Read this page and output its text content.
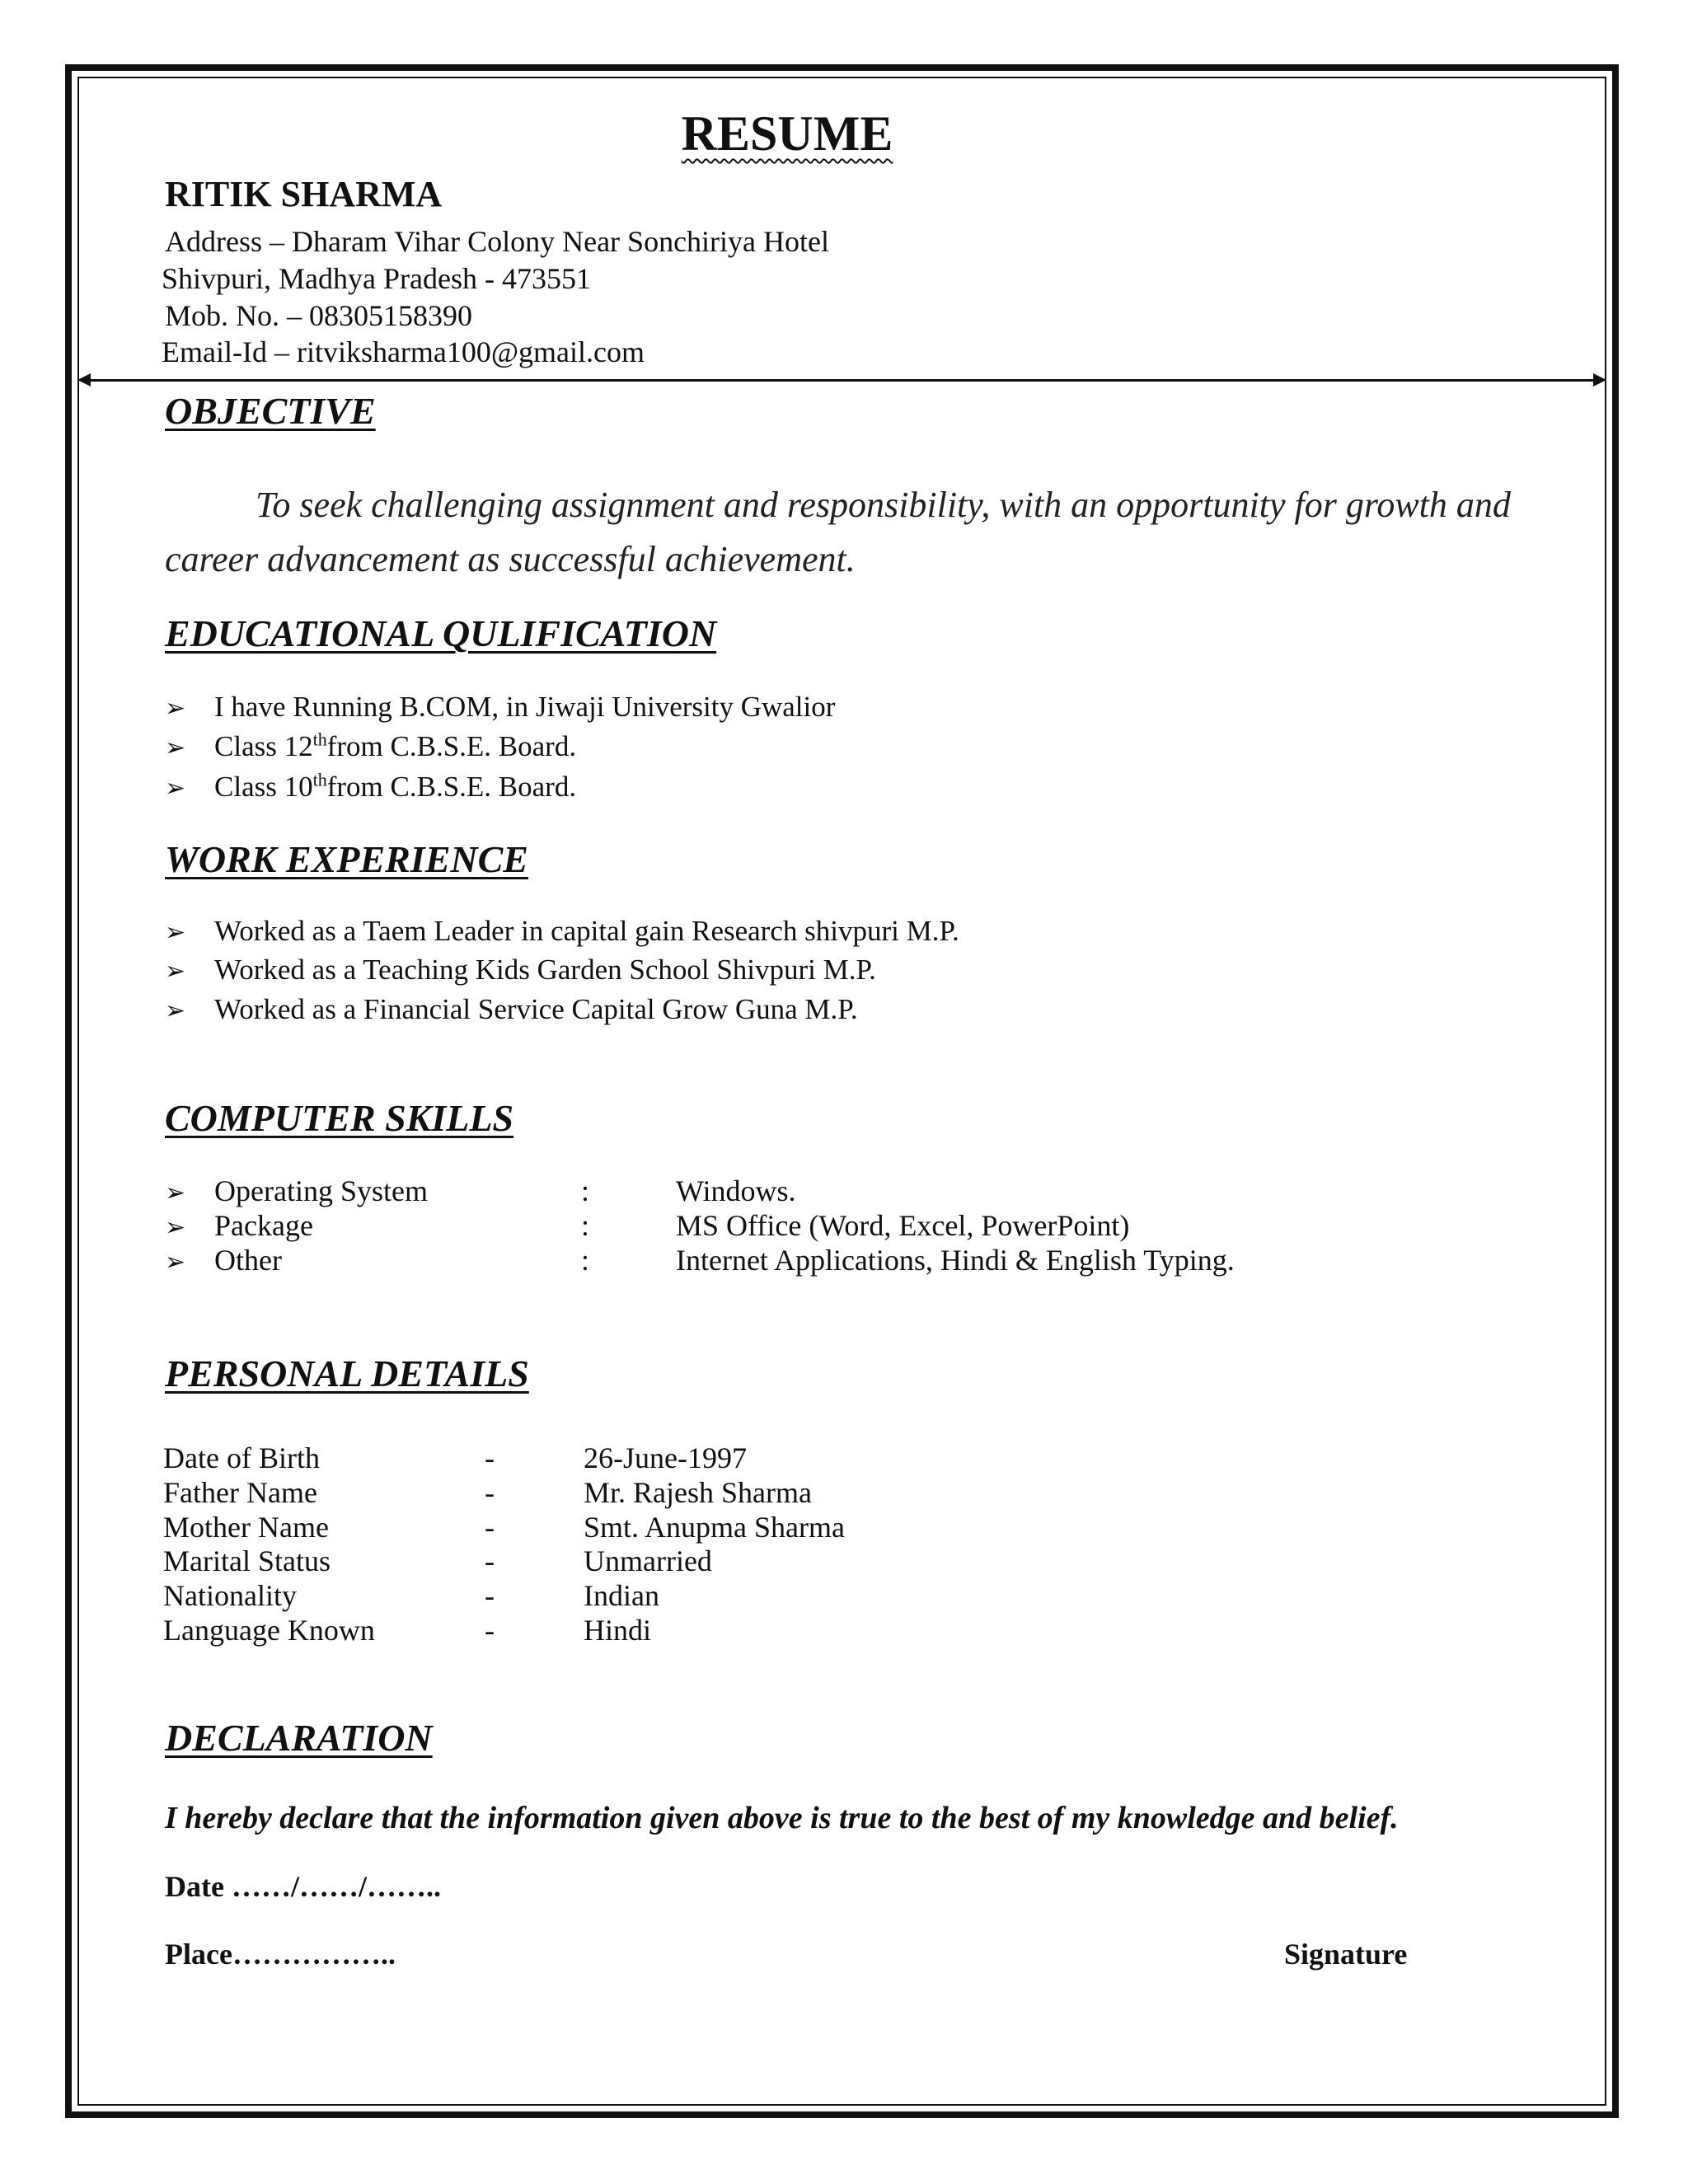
RESUME
RITIK SHARMA
Address – Dharam Vihar Colony Near Sonchiriya Hotel
Shivpuri, Madhya Pradesh - 473551
Mob. No. – 08305158390
Email-Id – ritviksharma100@gmail.com
OBJECTIVE
To seek challenging assignment and responsibility, with an opportunity for growth and career advancement as successful achievement.
EDUCATIONAL QULIFICATION
➢ I have Running B.COM, in Jiwaji University Gwalior
➢ Class 12thfrom C.B.S.E. Board.
➢ Class 10thfrom C.B.S.E. Board.
WORK EXPERIENCE
➢ Worked as a Taem Leader in capital gain Research shivpuri M.P.
➢ Worked as a Teaching Kids Garden School Shivpuri M.P.
➢ Worked as a Financial Service Capital Grow Guna M.P.
COMPUTER SKILLS
➢ Operating System	:	Windows.
➢ Package	:	MS Office (Word, Excel, PowerPoint)
➢ Other	:	Internet Applications, Hindi & English Typing.
PERSONAL DETAILS
Date of Birth	-	26-June-1997
Father Name	-	Mr. Rajesh Sharma
Mother Name	-	Smt. Anupma Sharma
Marital Status	-	Unmarried
Nationality	-	Indian
Language Known	-	Hindi
DECLARATION
I hereby declare that the information given above is true to the best of my knowledge and belief.
Date ……/……/……..
Place……………..	Signature
